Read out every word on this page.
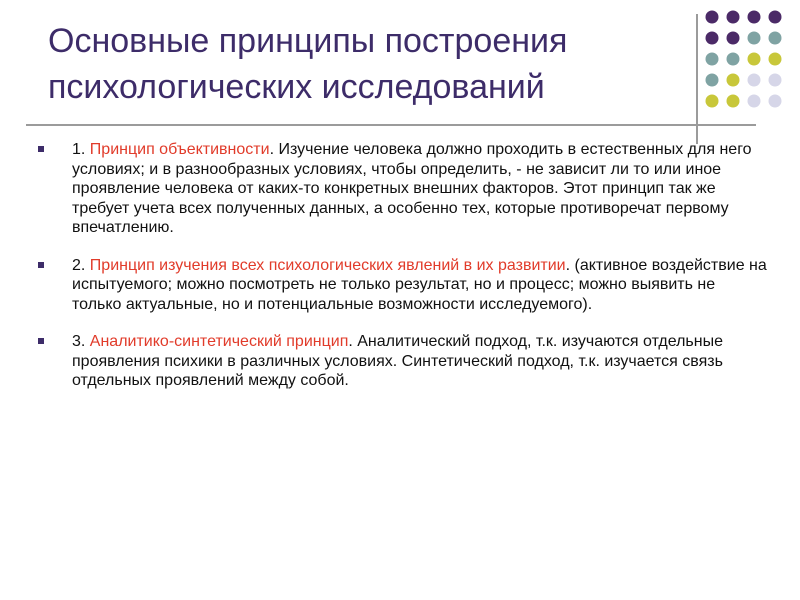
Основные принципы построения
психологических исследований
1. Принцип объективности. Изучение человека должно проходить в естественных для него условиях; и в разнообразных условиях, чтобы определить, - не зависит ли то или иное проявление человека от каких-то конкретных внешних факторов. Этот принцип так же требует учета всех полученных данных, а особенно тех, которые противоречат первому впечатлению.
2. Принцип изучения всех психологических явлений в их развитии. (активное воздействие на испытуемого; можно посмотреть не только результат, но и процесс; можно выявить не только актуальные, но и потенциальные возможности исследуемого).
3. Аналитико-синтетический принцип. Аналитический подход, т.к. изучаются отдельные проявления психики в различных условиях. Синтетический подход, т.к. изучается связь отдельных проявлений между собой.
